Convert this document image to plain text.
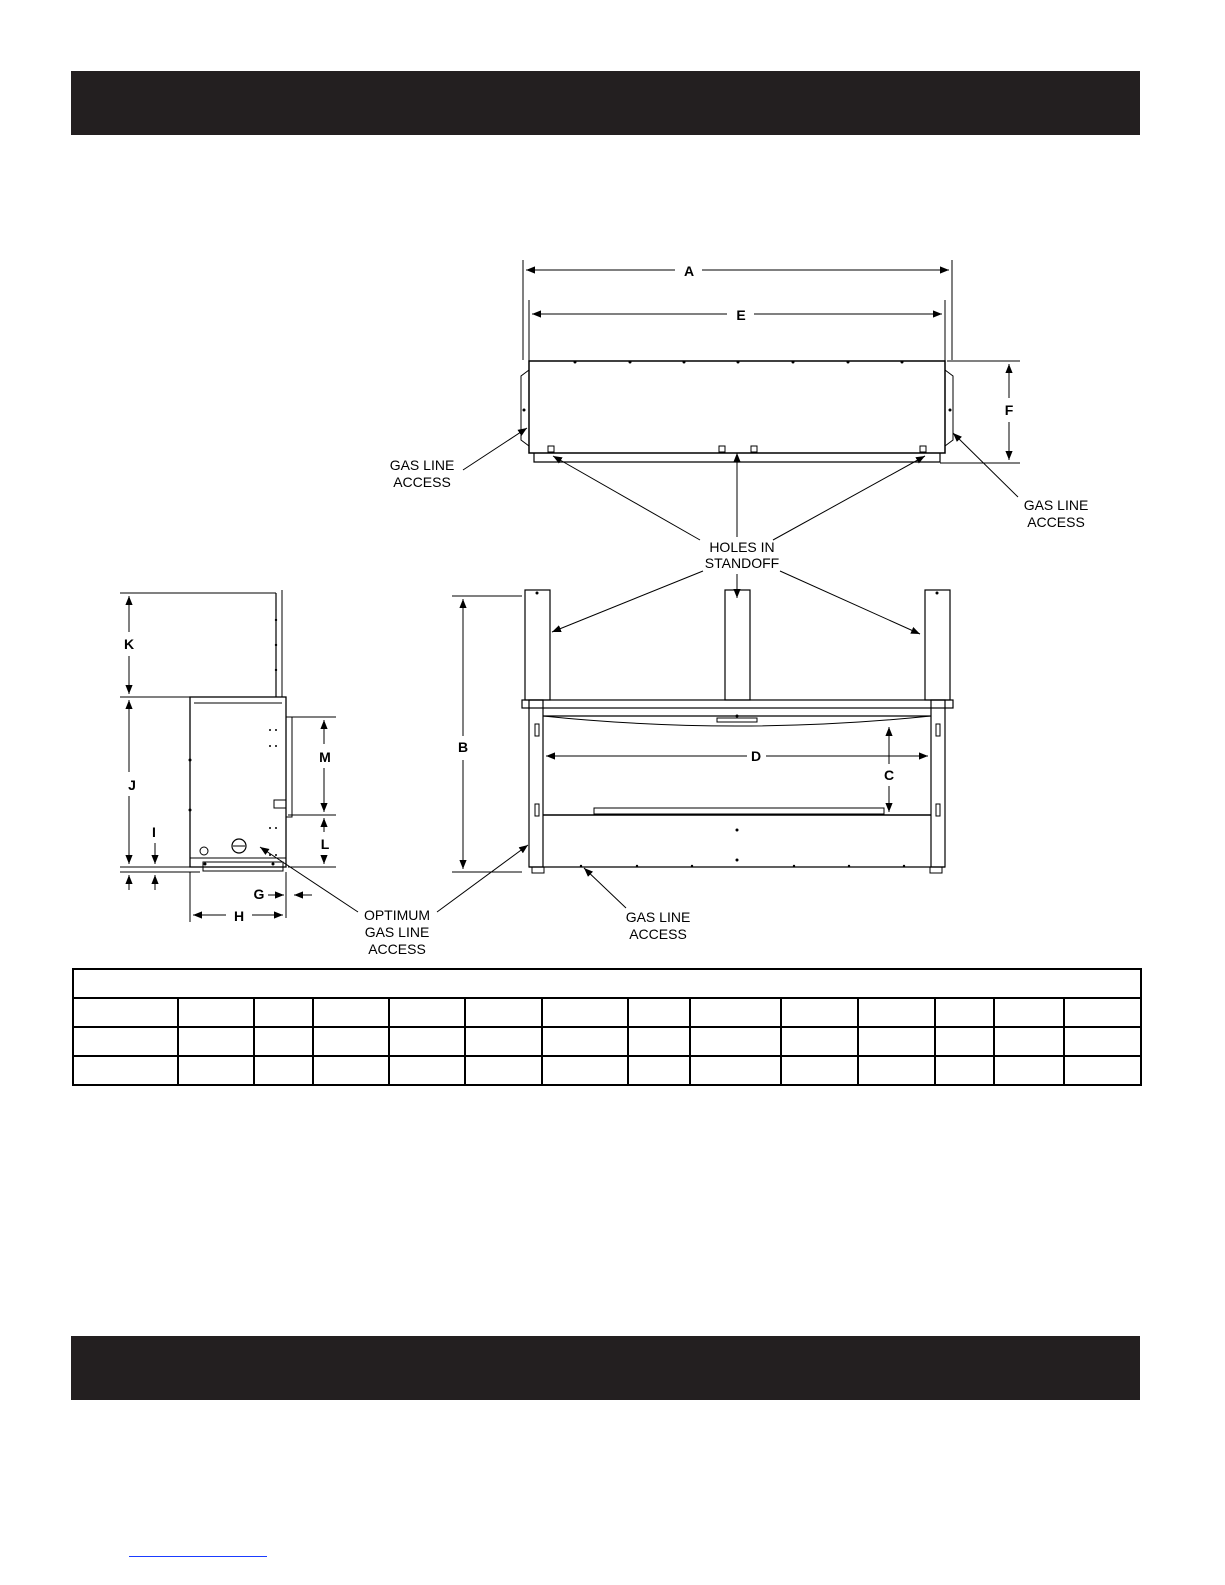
A
E
F
B
D
C
K
J
I
M
L
G
H
GAS LINE
ACCESS
GAS LINE
ACCESS
HOLES IN
STANDOFF
OPTIMUM
GAS LINE
ACCESS
GAS LINE
ACCESS
